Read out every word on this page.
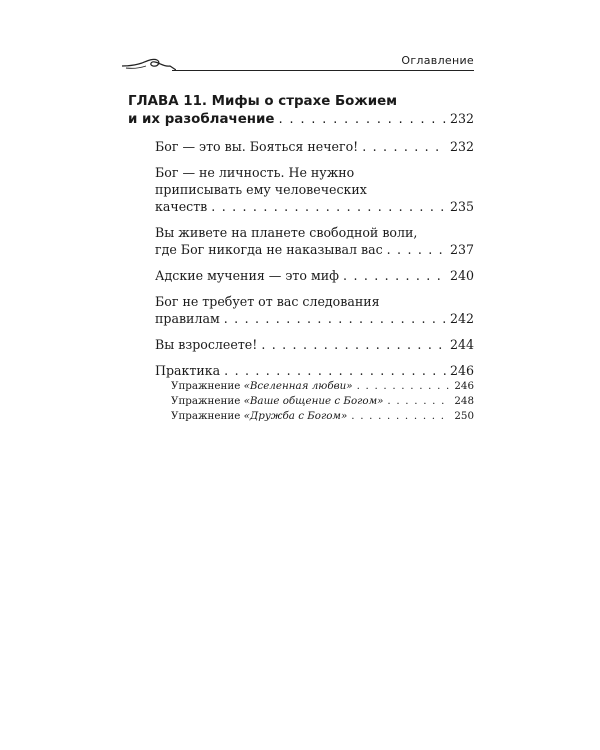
Оглавление
ГЛАВА 11. Мифы о страхе Божием
и их разоблачение . . .	232
Бог — это вы. Бояться нечего! . . .	232
Бог — не личность. Не нужно
приписывать ему человеческих
качеств . . .	235
Вы живете на планете свободной воли,
где Бог никогда не наказывал вас . . .	237
Адские мучения — это миф . . .	240
Бог не требует от вас следования
правилам . . .	242
Вы взрослеете! . . .	244
Практика . . .	246
Упражнение «Вселенная любви» . . .	246
Упражнение «Ваше общение с Богом» . . .	248
Упражнение «Дружба с Богом» . . .	250
